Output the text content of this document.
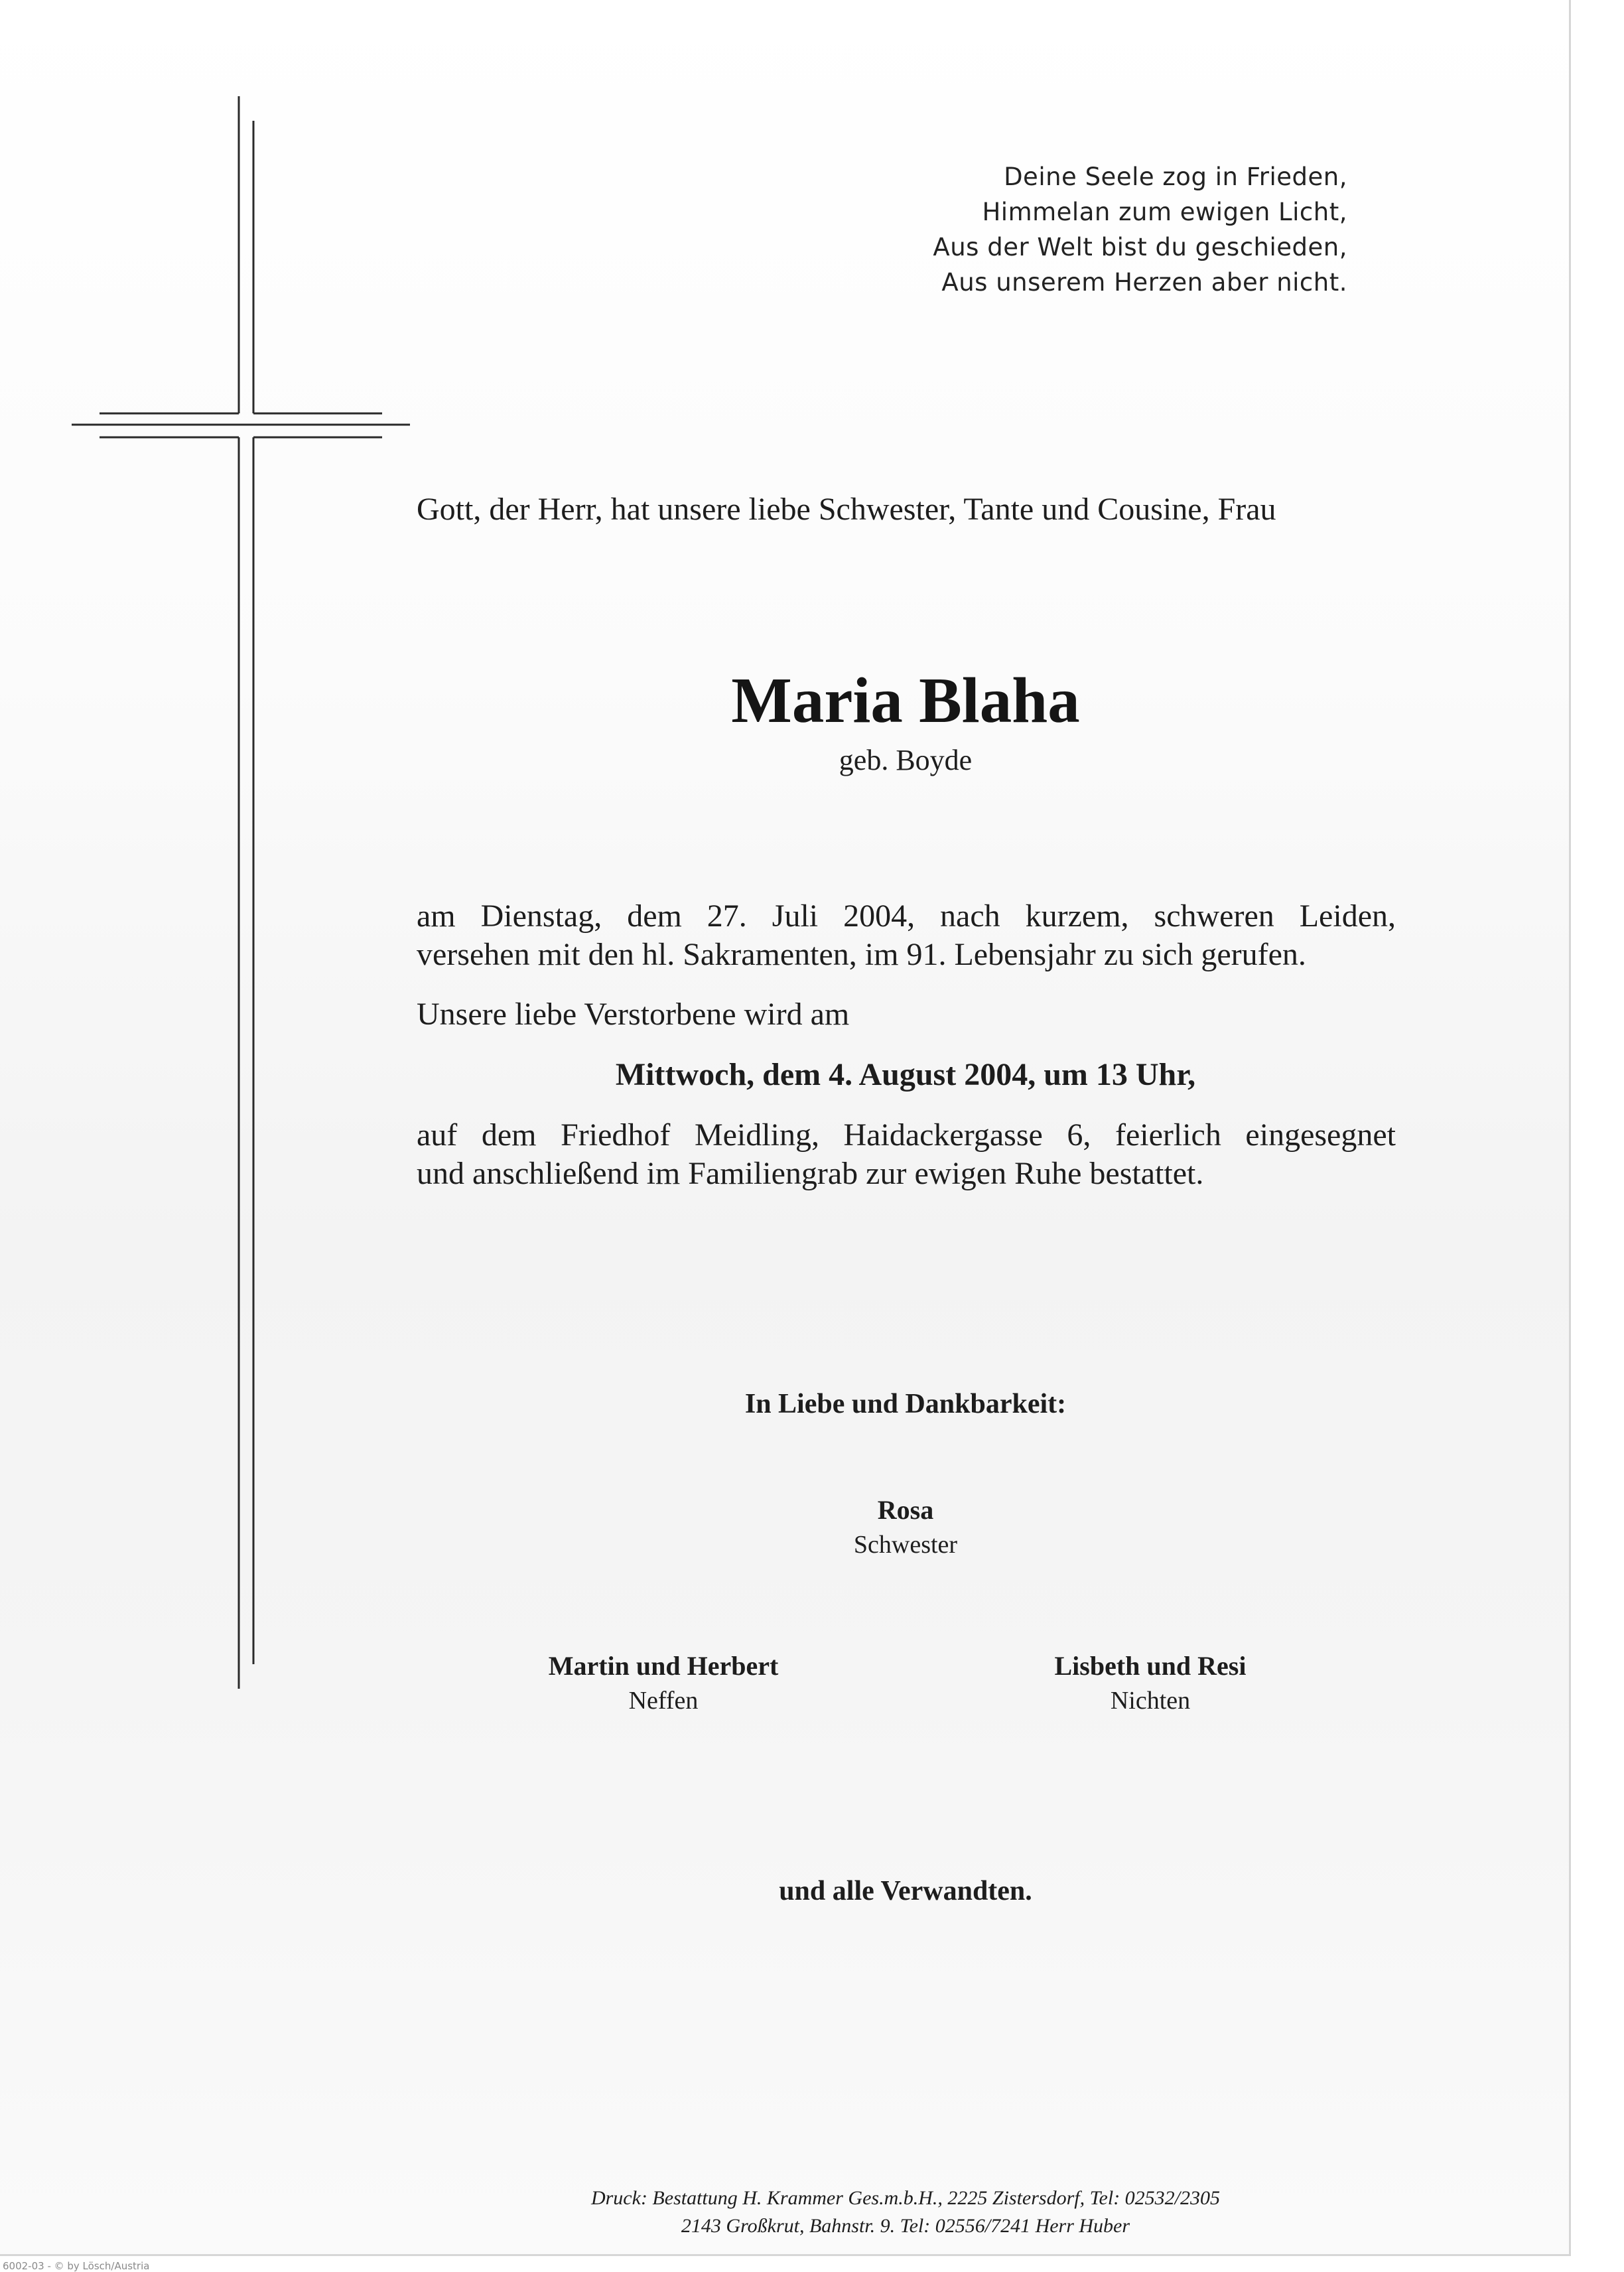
Deine Seele zog in Frieden,
Himmelan zum ewigen Licht,
Aus der Welt bist du geschieden,
Aus unserem Herzen aber nicht.
Gott, der Herr, hat unsere liebe Schwester, Tante und Cousine, Frau
Maria Blaha
geb. Boyde
am Dienstag, dem 27. Juli 2004, nach kurzem, schweren Leiden,
versehen mit den hl. Sakramenten, im 91. Lebensjahr zu sich gerufen.
Unsere liebe Verstorbene wird am
Mittwoch, dem 4. August 2004, um 13 Uhr,
auf dem Friedhof Meidling, Haidackergasse 6, feierlich eingesegnet
und anschließend im Familiengrab zur ewigen Ruhe bestattet.
In Liebe und Dankbarkeit:
Rosa
Schwester
Martin und Herbert
Neffen
Lisbeth und Resi
Nichten
und alle Verwandten.
Druck: Bestattung H. Krammer Ges.m.b.H., 2225 Zistersdorf, Tel: 02532/2305
2143 Großkrut, Bahnstr. 9. Tel: 02556/7241 Herr Huber
6002-03 - © by Lösch/Austria
